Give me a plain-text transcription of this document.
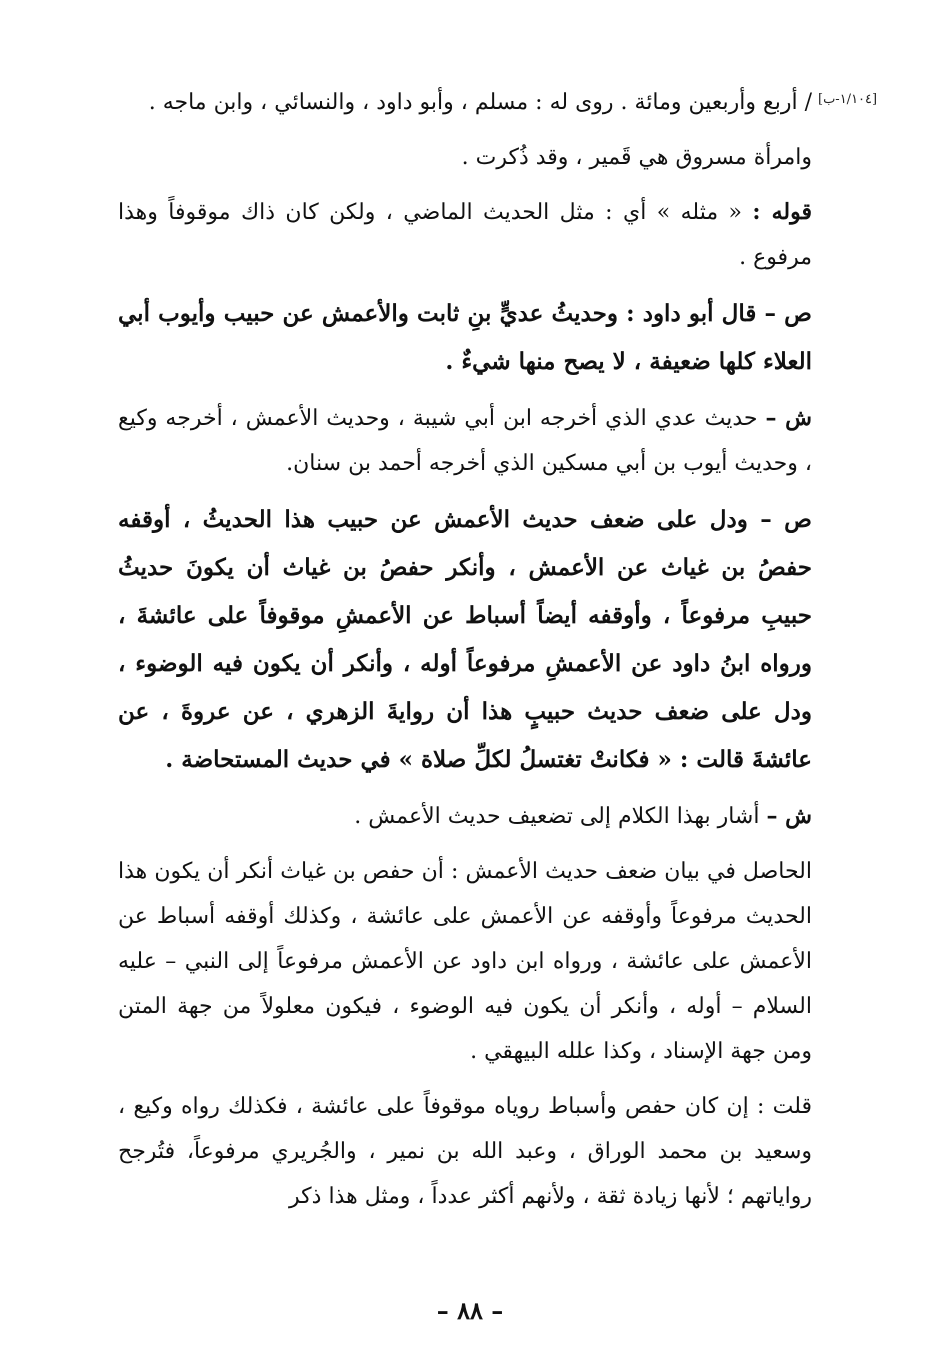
[١/١٠٤-ب]

/ أربع وأربعين ومائة . روى له : مسلم ، وأبو داود ، والنسائي ، وابن ماجه .

وامرأة مسروق هي قَمير ، وقد ذُكرت .

قوله : « مثله » أي : مثل الحديث الماضي ، ولكن كان ذاك موقوفاً وهذا مرفوع .

ص – قال أبو داود : وحديثُ عديٍّ بنِ ثابت والأعمش عن حبيب وأيوب أبي العلاء كلها ضعيفة ، لا يصح منها شيءٌ .

ش – حديث عدي الذي أخرجه ابن أبي شيبة ، وحديث الأعمش ، أخرجه وكيع ، وحديث أيوب بن أبي مسكين الذي أخرجه أحمد بن سنان.

ص – ودل على ضعف حديث الأعمش عن حبيب هذا الحديثُ ، أوقفه حفصُ بن غياث عن الأعمش ، وأنكر حفصُ بن غياث أن يكونَ حديثُ حبيبِ مرفوعاً ، وأوقفه أيضاً أسباط عن الأعمشِ موقوفاً على عائشةَ ، ورواه ابنُ داود عن الأعمشِ مرفوعاً أوله ، وأنكر أن يكون فيه الوضوء ، ودل على ضعف حديث حبيبٍ هذا أن روايةَ الزهري ، عن عروةَ ، عن عائشةَ قالت : « فكانتْ تغتسلُ لكلِّ صلاة » في حديث المستحاضة .

ش – أشار بهذا الكلام إلى تضعيف حديث الأعمش .

الحاصل في بيان ضعف حديث الأعمش : أن حفص بن غياث أنكر أن يكون هذا الحديث مرفوعاً وأوقفه عن الأعمش على عائشة ، وكذلك أوقفه أسباط عن الأعمش على عائشة ، ورواه ابن داود عن الأعمش مرفوعاً إلى النبي – عليه السلام – أوله ، وأنكر أن يكون فيه الوضوء ، فيكون معلولاً من جهة المتن ومن جهة الإسناد ، وكذا علله البيهقي .

قلت : إن كان حفص وأسباط روياه موقوفاً على عائشة ، فكذلك رواه وكيع ، وسعيد بن محمد الوراق ، وعبد الله بن نمير ، والجُريري مرفوعاً، فتُرجح رواياتهم ؛ لأنها زيادة ثقة ، ولأنهم أكثر عدداً ، ومثل هذا ذكر

– ٨٨ –
